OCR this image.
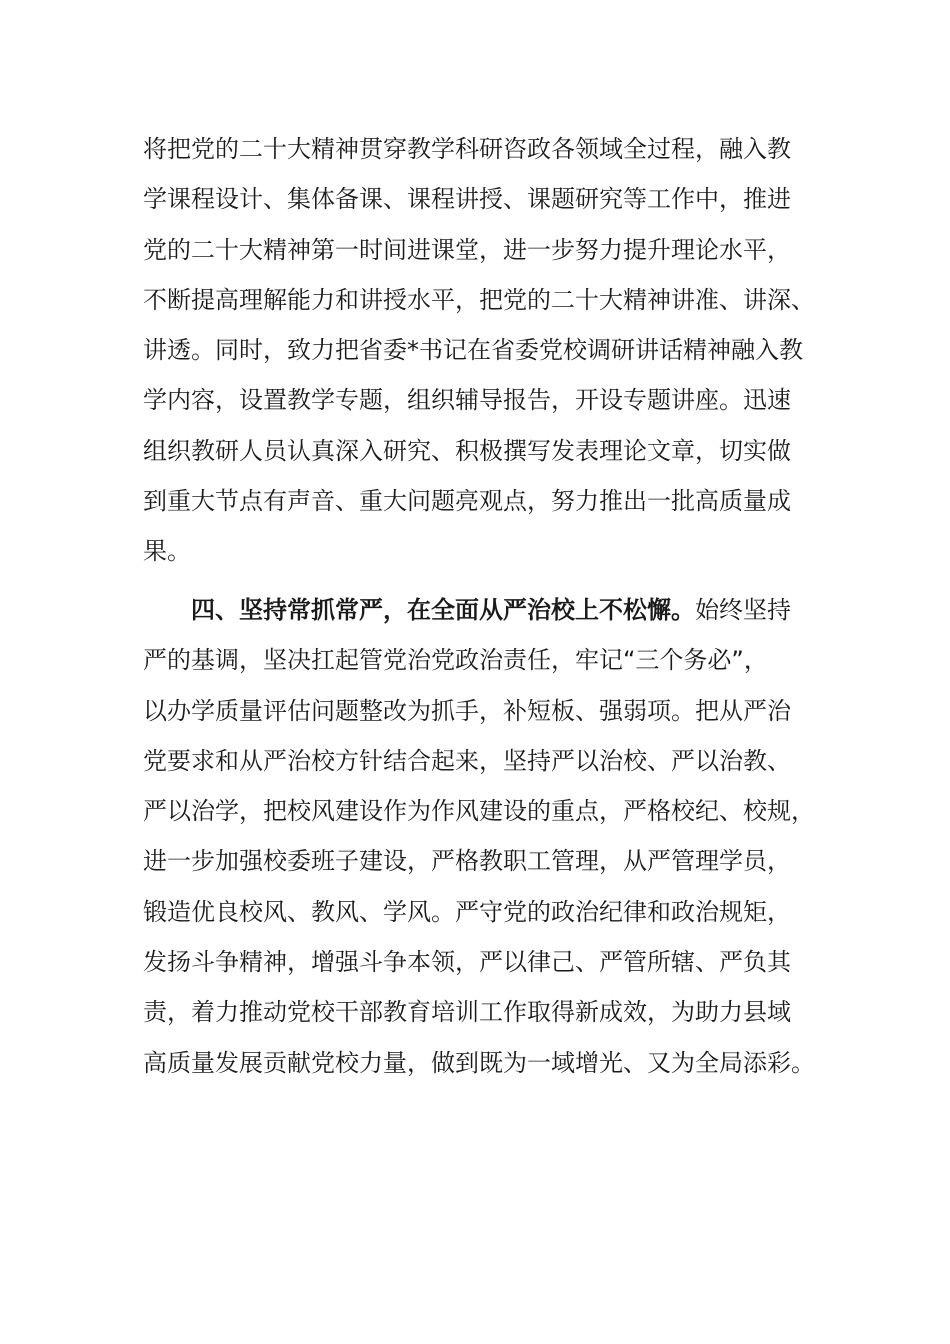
将把党的二十大精神贯穿教学科研咨政各领域全过程，融入教
学课程设计、集体备课、课程讲授、课题研究等工作中，推进
党的二十大精神第一时间进课堂，进一步努力提升理论水平，
不断提高理解能力和讲授水平，把党的二十大精神讲准、讲深、
讲透。同时，致力把省委*书记在省委党校调研讲话精神融入教
学内容，设置教学专题，组织辅导报告，开设专题讲座。迅速
组织教研人员认真深入研究、积极撰写发表理论文章，切实做
到重大节点有声音、重大问题亮观点，努力推出一批高质量成
果。
四、坚持常抓常严，在全面从严治校上不松懈。始终坚持
严的基调，坚决扛起管党治党政治责任，牢记“三个务必”，
以办学质量评估问题整改为抓手，补短板、强弱项。把从严治
党要求和从严治校方针结合起来，坚持严以治校、严以治教、
严以治学，把校风建设作为作风建设的重点，严格校纪、校规，
进一步加强校委班子建设，严格教职工管理，从严管理学员，
锻造优良校风、教风、学风。严守党的政治纪律和政治规矩，
发扬斗争精神，增强斗争本领，严以律己、严管所辖、严负其
责，着力推动党校干部教育培训工作取得新成效，为助力县域
高质量发展贡献党校力量，做到既为一域增光、又为全局添彩。
